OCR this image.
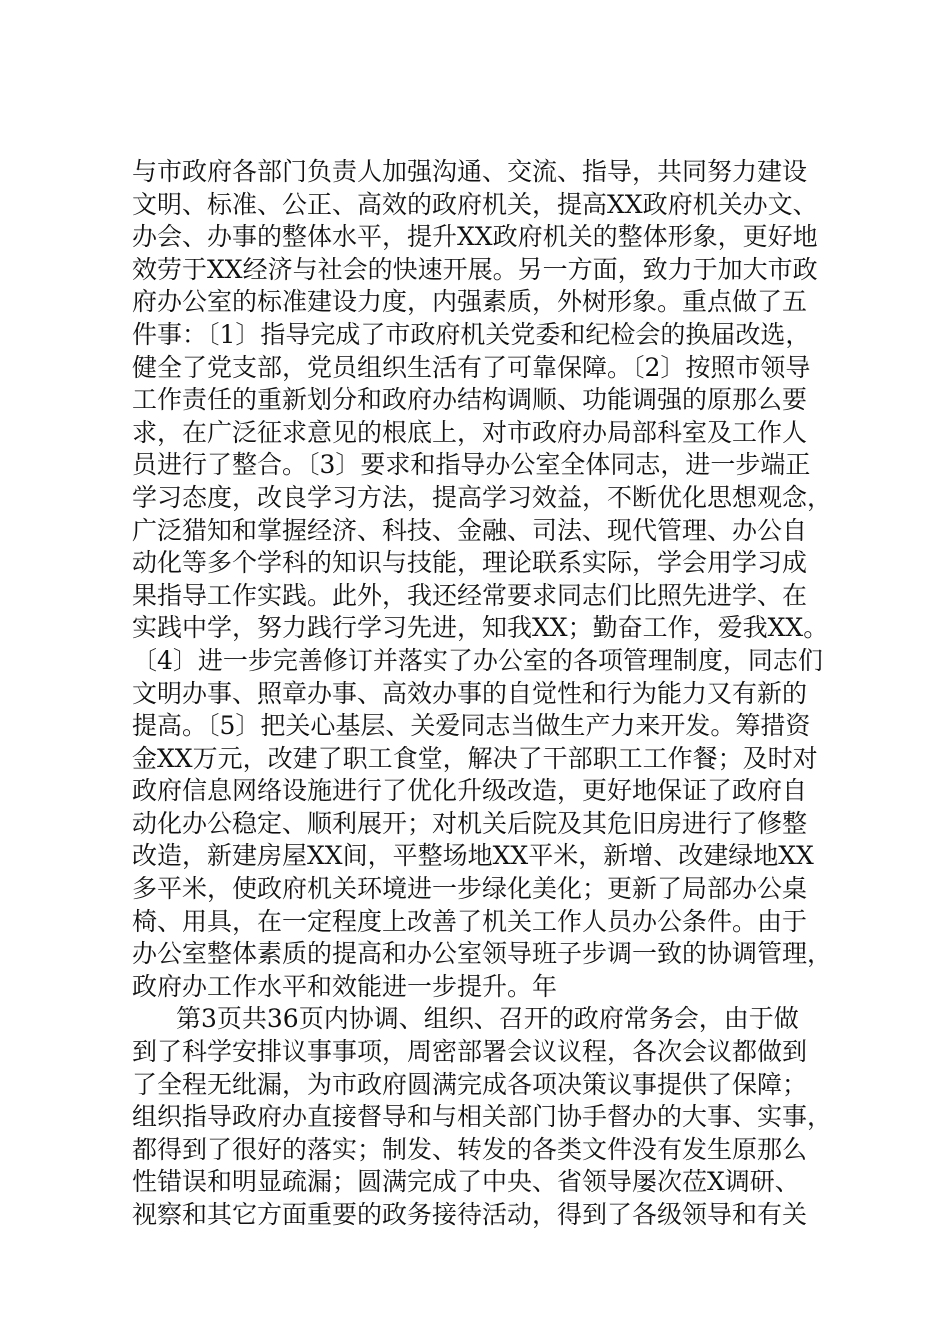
与市政府各部门负责人加强沟通、交流、指导，共同努力建设
文明、标准、公正、高效的政府机关，提高XX政府机关办文、
办会、办事的整体水平，提升XX政府机关的整体形象，更好地
效劳于XX经济与社会的快速开展。另一方面，致力于加大市政
府办公室的标准建设力度，内强素质，外树形象。重点做了五
件事：〔1〕指导完成了市政府机关党委和纪检会的换届改选，
健全了党支部，党员组织生活有了可靠保障。〔2〕按照市领导
工作责任的重新划分和政府办结构调顺、功能调强的原那么要
求，在广泛征求意见的根底上，对市政府办局部科室及工作人
员进行了整合。〔3〕要求和指导办公室全体同志，进一步端正
学习态度，改良学习方法，提高学习效益，不断优化思想观念，
广泛猎知和掌握经济、科技、金融、司法、现代管理、办公自
动化等多个学科的知识与技能，理论联系实际，学会用学习成
果指导工作实践。此外，我还经常要求同志们比照先进学、在
实践中学，努力践行学习先进，知我XX；勤奋工作，爱我XX。
〔4〕进一步完善修订并落实了办公室的各项管理制度，同志们
文明办事、照章办事、高效办事的自觉性和行为能力又有新的
提高。〔5〕把关心基层、关爱同志当做生产力来开发。筹措资
金XX万元，改建了职工食堂，解决了干部职工工作餐；及时对
政府信息网络设施进行了优化升级改造，更好地保证了政府自
动化办公稳定、顺利展开；对机关后院及其危旧房进行了修整
改造，新建房屋XX间，平整场地XX平米，新增、改建绿地XX
多平米，使政府机关环境进一步绿化美化；更新了局部办公桌
椅、用具，在一定程度上改善了机关工作人员办公条件。由于
办公室整体素质的提高和办公室领导班子步调一致的协调管理，
政府办工作水平和效能进一步提升。年
第3页共36页内协调、组织、召开的政府常务会，由于做
到了科学安排议事事项，周密部署会议议程，各次会议都做到
了全程无纰漏，为市政府圆满完成各项决策议事提供了保障；
组织指导政府办直接督导和与相关部门协手督办的大事、实事，
都得到了很好的落实；制发、转发的各类文件没有发生原那么
性错误和明显疏漏；圆满完成了中央、省领导屡次莅X调研、
视察和其它方面重要的政务接待活动，得到了各级领导和有关
